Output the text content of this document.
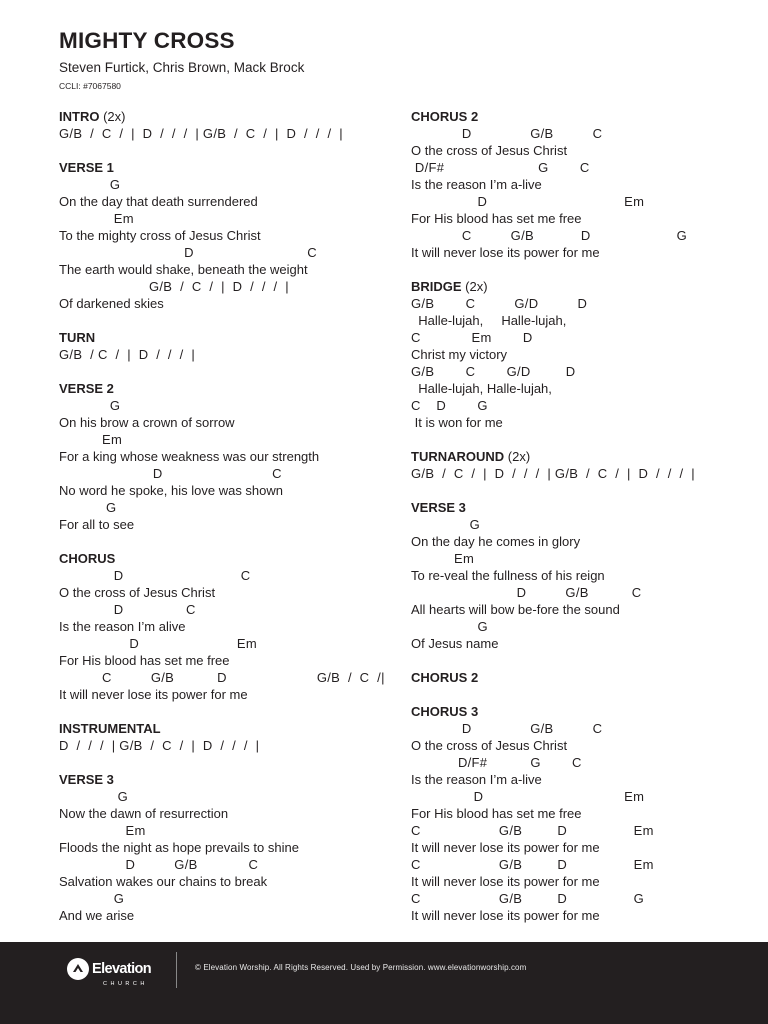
MIGHTY CROSS
Steven Furtick, Chris Brown, Mack Brock
CCLI: #7067580
INTRO (2x)
G/B  /  C  /  |  D  /  /  /  | G/B  /  C  /  |  D  /  /  /  |
VERSE 1
G
On the day that death surrendered
Em
To the mighty cross of Jesus Christ
D                             C
The earth would shake, beneath the weight
G/B  /  C  /  |  D  /  /  /  |
Of darkened skies
TURN
G/B  / C  /  |  D  /  /  /  |
VERSE 2
G
On his brow a crown of sorrow
Em
For a king whose weakness was our strength
D                            C
No word he spoke, his love was shown
G
For all to see
CHORUS
D                              C
O the cross of Jesus Christ
D                C
Is the reason I’m alive
D                         Em
For His blood has set me free
C          G/B           D                       G/B  /  C  /|
It will never lose its power for me
INSTRUMENTAL
D  /  /  /  | G/B  /  C  /  |  D  /  /  /  |
VERSE 3
G
Now the dawn of resurrection
Em
Floods the night as hope prevails to shine
D          G/B             C
Salvation wakes our chains to break
G
And we arise
CHORUS 2
D               G/B          C
O the cross of Jesus Christ
D/F#                        G        C
Is the reason I’m a-live
D                                   Em
For His blood has set me free
C          G/B            D                      G
It will never lose its power for me
BRIDGE (2x)
G/B        C          G/D          D
Halle-lujah,     Halle-lujah,
C             Em        D
Christ my victory
G/B        C        G/D         D
Halle-lujah, Halle-lujah,
C    D        G
It is won for me
TURNAROUND (2x)
G/B  /  C  /  |  D  /  /  /  | G/B  /  C  /  |  D  /  /  /  |
VERSE 3
G
On the day he comes in glory
Em
To re-veal the fullness of his reign
D          G/B           C
All hearts will bow be-fore the sound
G
Of Jesus name
CHORUS 2
CHORUS 3
D               G/B          C
O the cross of Jesus Christ
D/F#           G        C
Is the reason I’m a-live
D                                    Em
For His blood has set me free
C                    G/B         D                 Em
It will never lose its power for me
C                    G/B         D                 Em
It will never lose its power for me
C                    G/B         D                 G
It will never lose its power for me
Elevation
CHURCH
© Elevation Worship. All Rights Reserved. Used by Permission. www.elevationworship.com
